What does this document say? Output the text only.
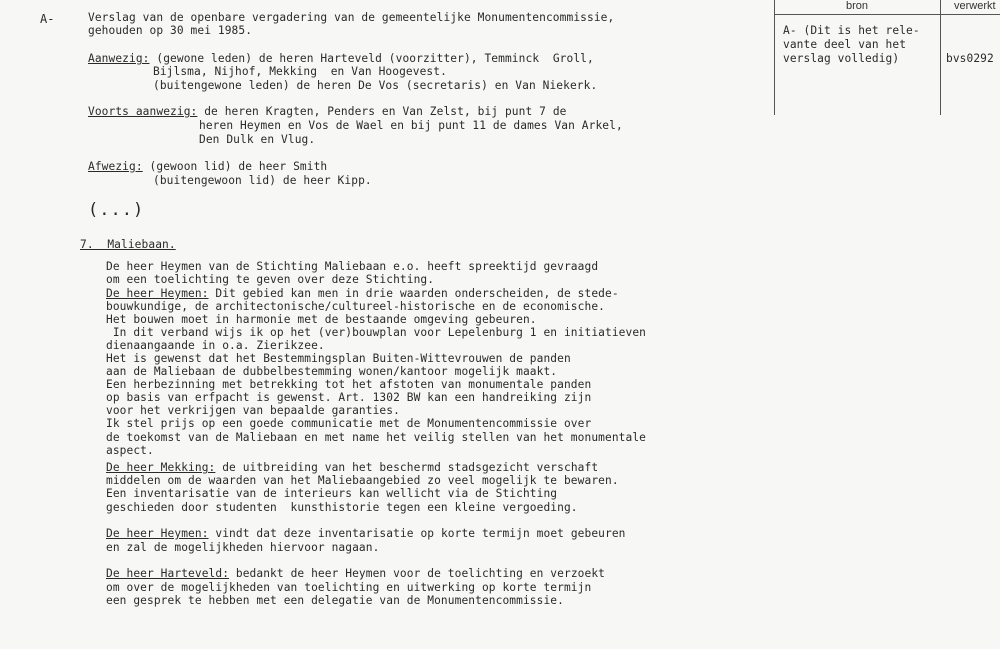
bron	verwerkt
A- (Dit is het rele-
vante deel van het
verslag volledig)	bvs0292
A-	Verslag van de openbare vergadering van de gemeentelijke Monumentencommissie,
gehouden op 30 mei 1985.
Aanwezig: (gewone leden) de heren Harteveld (voorzitter), Temminck  Groll,
Bijlsma, Nijhof, Mekking  en Van Hoogevest.
(buitengewone leden) de heren De Vos (secretaris) en Van Niekerk.
Voorts aanwezig: de heren Kragten, Penders en Van Zelst, bij punt 7 de
heren Heymen en Vos de Wael en bij punt 11 de dames Van Arkel,
Den Dulk en Vlug.
Afwezig: (gewoon lid) de heer Smith
(buitengewoon lid) de heer Kipp.
(...)
7.  Maliebaan.
De heer Heymen van de Stichting Maliebaan e.o. heeft spreektijd gevraagd
om een toelichting te geven over deze Stichting.
De heer Heymen: Dit gebied kan men in drie waarden onderscheiden, de stede-
bouwkundige, de architectonische/cultureel-historische en de economische.
Het bouwen moet in harmonie met de bestaande omgeving gebeuren.
In dit verband wijs ik op het (ver)bouwplan voor Lepelenburg 1 en initiatieven
dienaangaande in o.a. Zierikzee.
Het is gewenst dat het Bestemmingsplan Buiten-Wittevrouwen de panden
aan de Maliebaan de dubbelbestemming wonen/kantoor mogelijk maakt.
Een herbezinning met betrekking tot het afstoten van monumentale panden
op basis van erfpacht is gewenst. Art. 1302 BW kan een handreiking zijn
voor het verkrijgen van bepaalde garanties.
Ik stel prijs op een goede communicatie met de Monumentencommissie over
de toekomst van de Maliebaan en met name het veilig stellen van het monumentale
aspect.
De heer Mekking: de uitbreiding van het beschermd stadsgezicht verschaft
middelen om de waarden van het Maliebaangebied zo veel mogelijk te bewaren.
Een inventarisatie van de interieurs kan wellicht via de Stichting
geschieden door studenten  kunsthistorie tegen een kleine vergoeding.
De heer Heymen: vindt dat deze inventarisatie op korte termijn moet gebeuren
en zal de mogelijkheden hiervoor nagaan.
De heer Harteveld: bedankt de heer Heymen voor de toelichting en verzoekt
om over de mogelijkheden van toelichting en uitwerking op korte termijn
een gesprek te hebben met een delegatie van de Monumentencommissie.
